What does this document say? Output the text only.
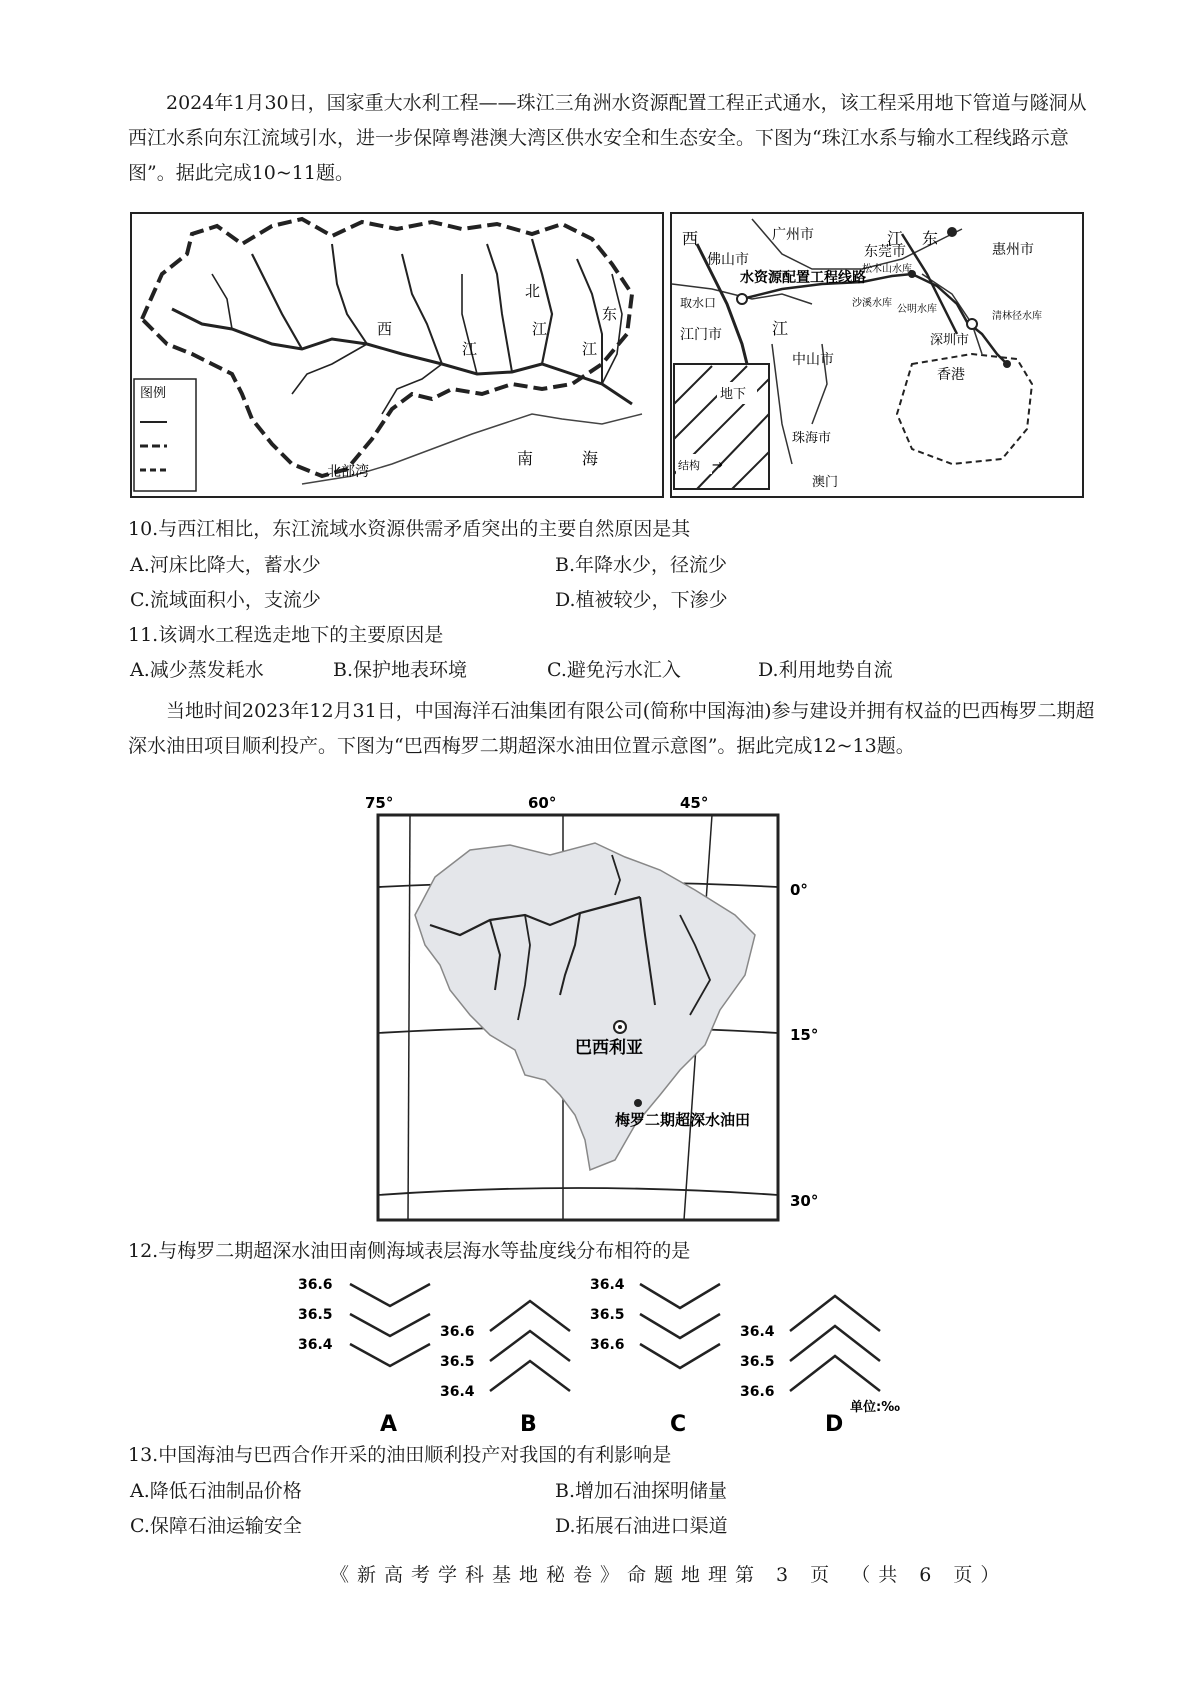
2024年1月30日，国家重大水利工程——珠江三角洲水资源配置工程正式通水，该工程采用地下管道与隧洞从西江水系向东江流域引水，进一步保障粤港澳大湾区供水安全和生态安全。下图为“珠江水系与输水工程线路示意图”。据此完成10~11题。

图例
西
江
北
江
东
江
北部湾
南	海
地下
结构 →
广州市
东莞市	惠州市
佛山市
江门市
中山市
深圳市
珠海市
香港
澳门
水资源配置工程线路
取水口
西
江
东
江
松木山水库
清林径水库
公明水库
沙溪水库

10.与西江相比，东江流域水资源供需矛盾突出的主要自然原因是其

A.河床比降大，蓄水少	B.年降水少，径流少
C.流域面积小，支流少	D.植被较少，下渗少

11.该调水工程选走地下的主要原因是

A.减少蒸发耗水	B.保护地表环境	C.避免污水汇入	D.利用地势自流

当地时间2023年12月31日，中国海洋石油集团有限公司(简称中国海油)参与建设并拥有权益的巴西梅罗二期超深水油田项目顺利投产。下图为“巴西梅罗二期超深水油田位置示意图”。据此完成12~13题。

巴西利亚
梅罗二期超深水油田
75°	60°	45°
0°
15°
30°

12.与梅罗二期超深水油田南侧海域表层海水等盐度线分布相符的是

36.6
36.5
36.4
36.6
36.5
36.4
36.4
36.5
36.6
36.4
36.5
36.6
A	B	C	D
单位:‰

13.中国海油与巴西合作开采的油田顺利投产对我国的有利影响是

A.降低石油制品价格	B.增加石油探明储量
C.保障石油运输安全	D.拓展石油进口渠道
《新高考学科基地秘卷》命题地理第 3 页 （共 6 页）
